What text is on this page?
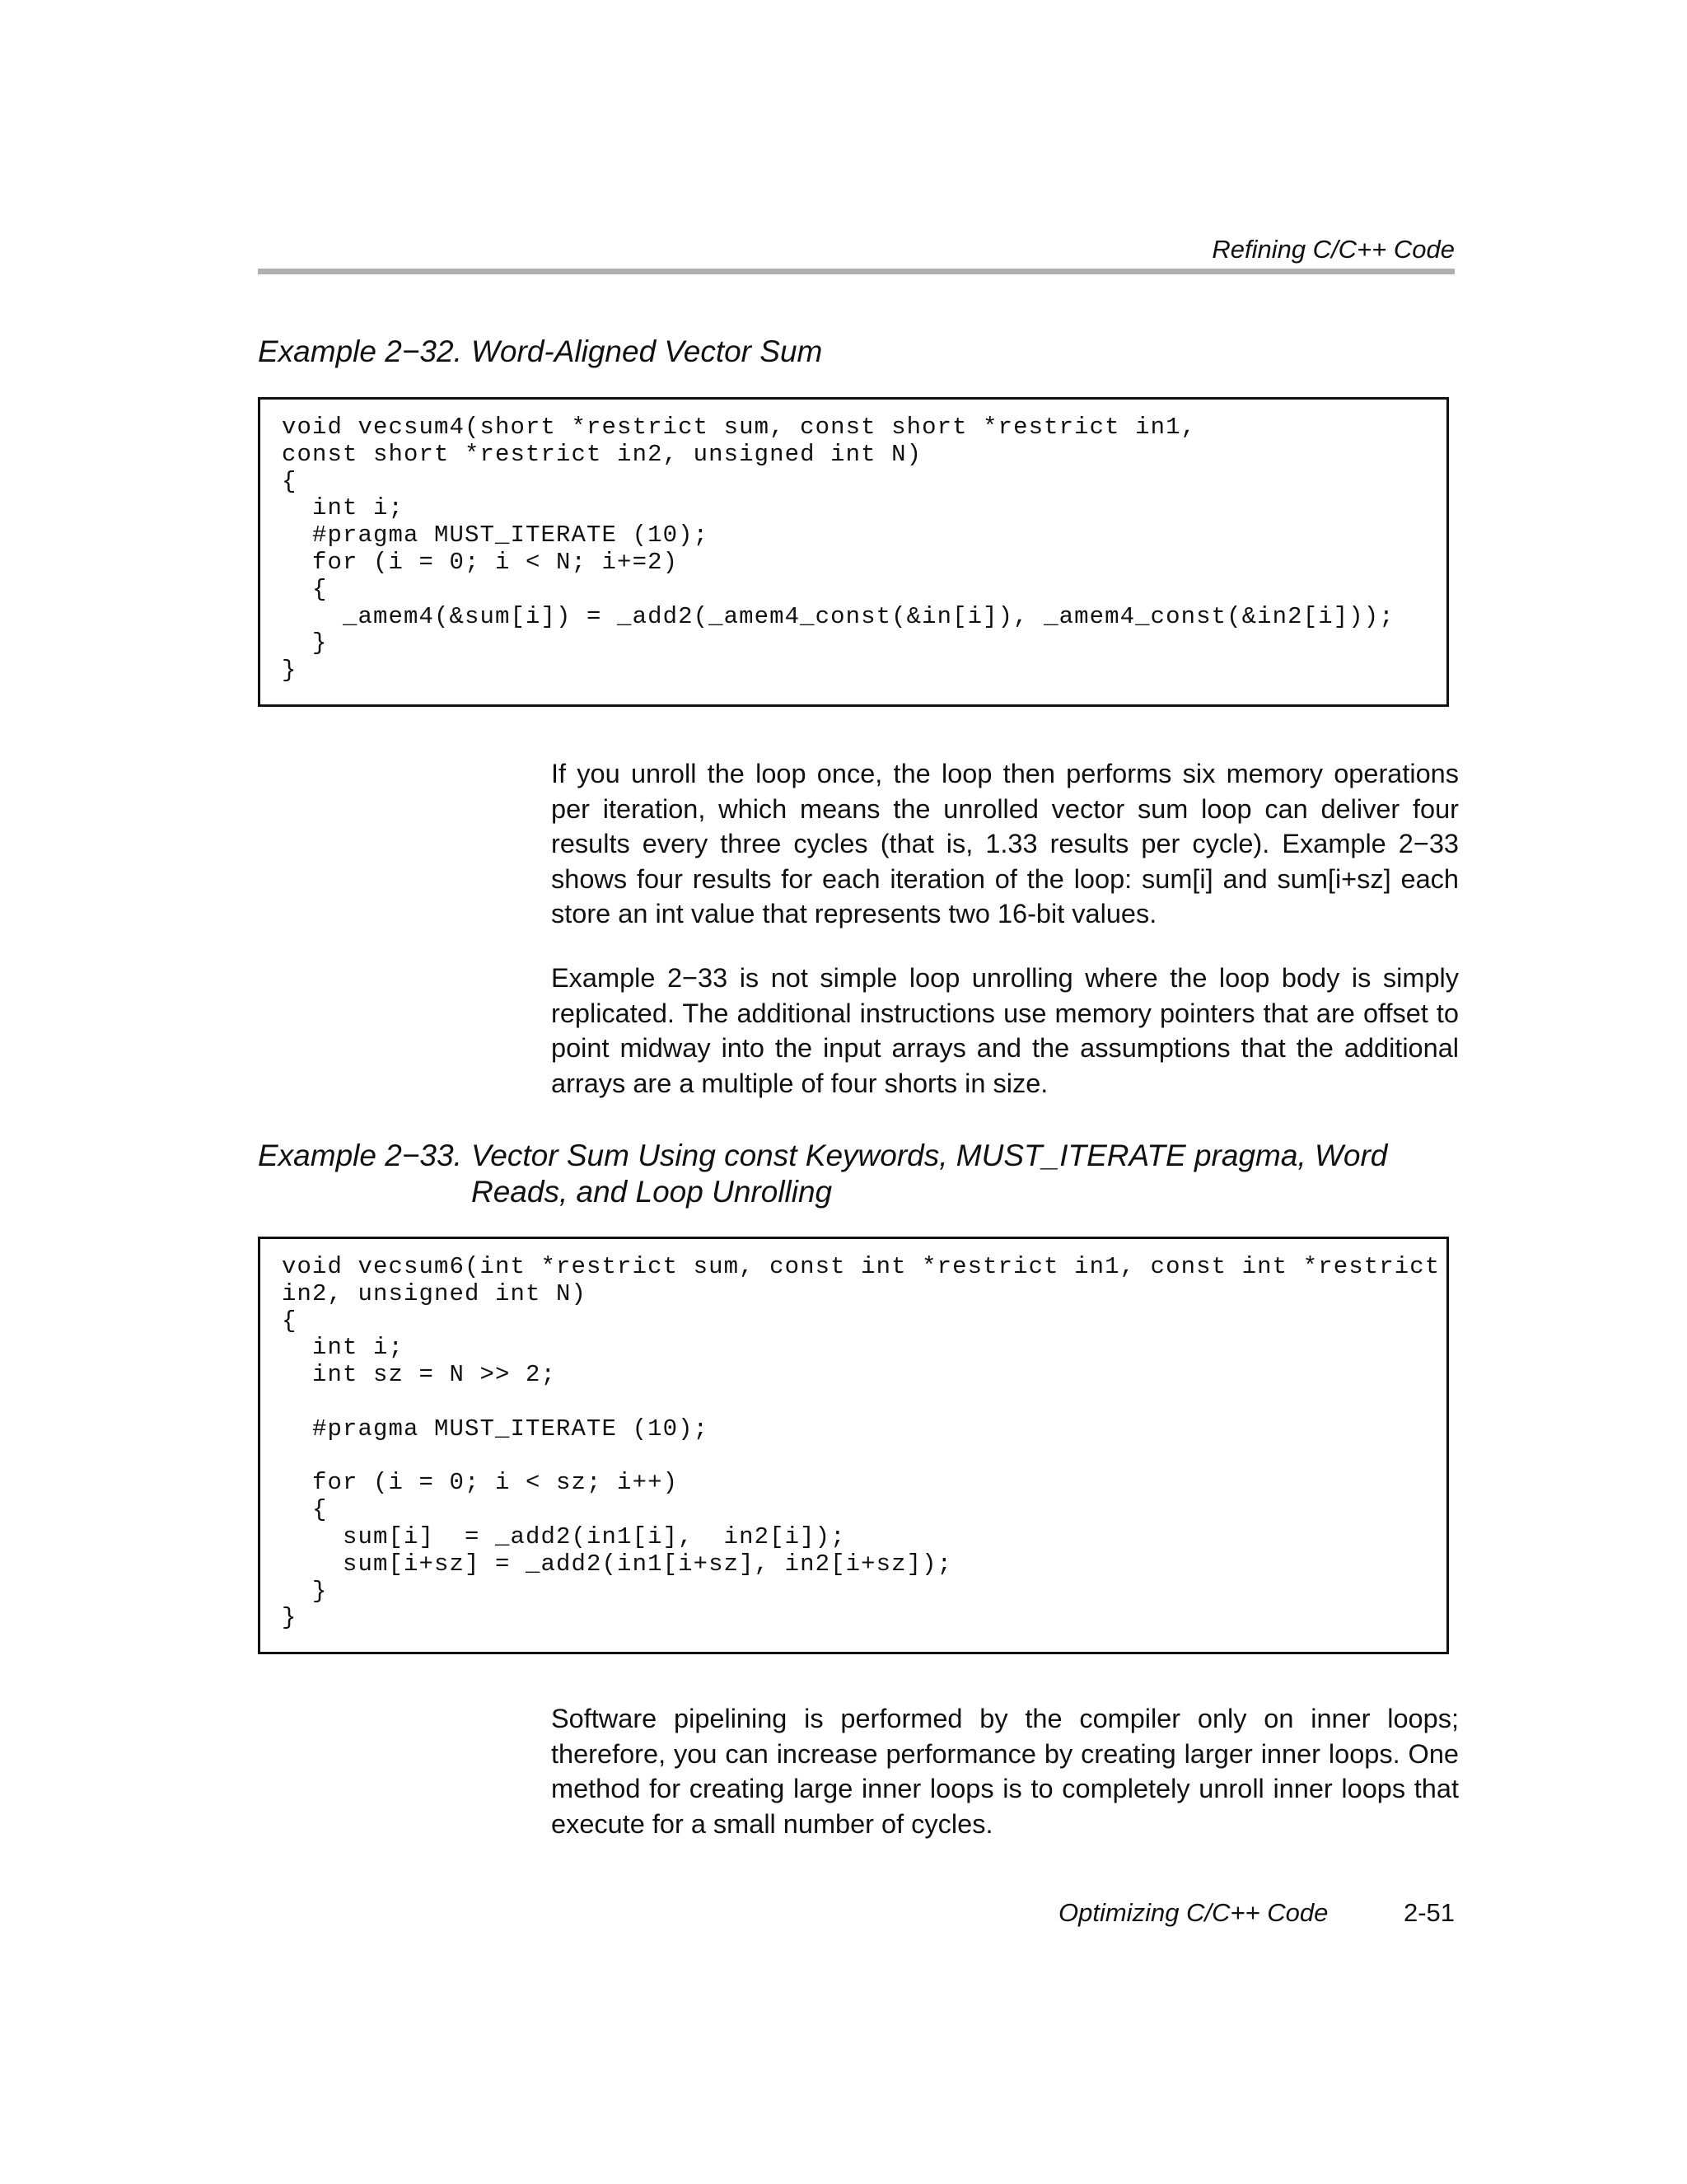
Refining C/C++ Code
Example 2−32. Word-Aligned Vector Sum
void vecsum4(short *restrict sum, const short *restrict in1,
const short *restrict in2, unsigned int N)
{
int i;
#pragma MUST_ITERATE (10);
for (i = 0; i < N; i+=2)
{
_amem4(&sum[i]) = _add2(_amem4_const(&in[i]), _amem4_const(&in2[i]));
}
}

If you unroll the loop once, the loop then performs six memory operations per iteration, which means the unrolled vector sum loop can deliver four results every three cycles (that is, 1.33 results per cycle). Example 2−33 shows four results for each iteration of the loop: sum[i] and sum[i+sz] each store an int value that represents two 16-bit values.

Example 2−33 is not simple loop unrolling where the loop body is simply replicated. The additional instructions use memory pointers that are offset to point midway into the input arrays and the assumptions that the additional arrays are a multiple of four shorts in size.

Example 2−33. Vector Sum Using const Keywords, MUST_ITERATE pragma, Word
Reads, and Loop Unrolling
void vecsum6(int *restrict sum, const int *restrict in1, const int *restrict
in2, unsigned int N)
{
int i;
int sz = N >> 2;

#pragma MUST_ITERATE (10);

for (i = 0; i < sz; i++)
{
sum[i]  = _add2(in1[i],  in2[i]);
sum[i+sz] = _add2(in1[i+sz], in2[i+sz]);
}
}

Software pipelining is performed by the compiler only on inner loops; therefore, you can increase performance by creating larger inner loops. One method for creating large inner loops is to completely unroll inner loops that execute for a small number of cycles.

Optimizing C/C++ Code	2-51
